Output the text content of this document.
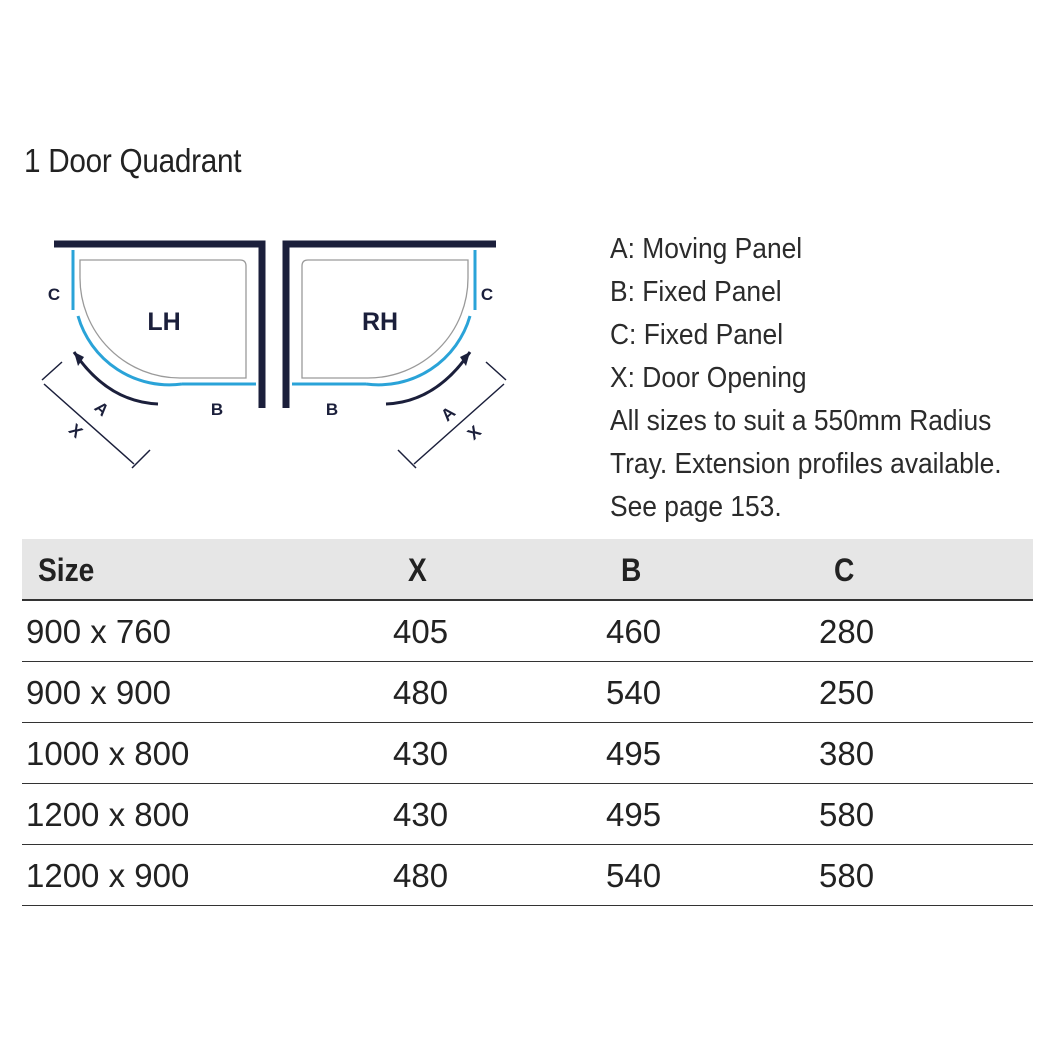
1 Door Quadrant
LH
C
B
A
X
RH
C
B	A
X
A: Moving Panel
B: Fixed Panel
C: Fixed Panel
X: Door Opening
All sizes to suit a 550mm Radius
Tray. Extension profiles available.
See page 153.
Size	X	B	C
900 x 760	405	460	280
900 x 900	480	540	250
1000 x 800	430	495	380
1200 x 800	430	495	580
1200 x 900	480	540	580
